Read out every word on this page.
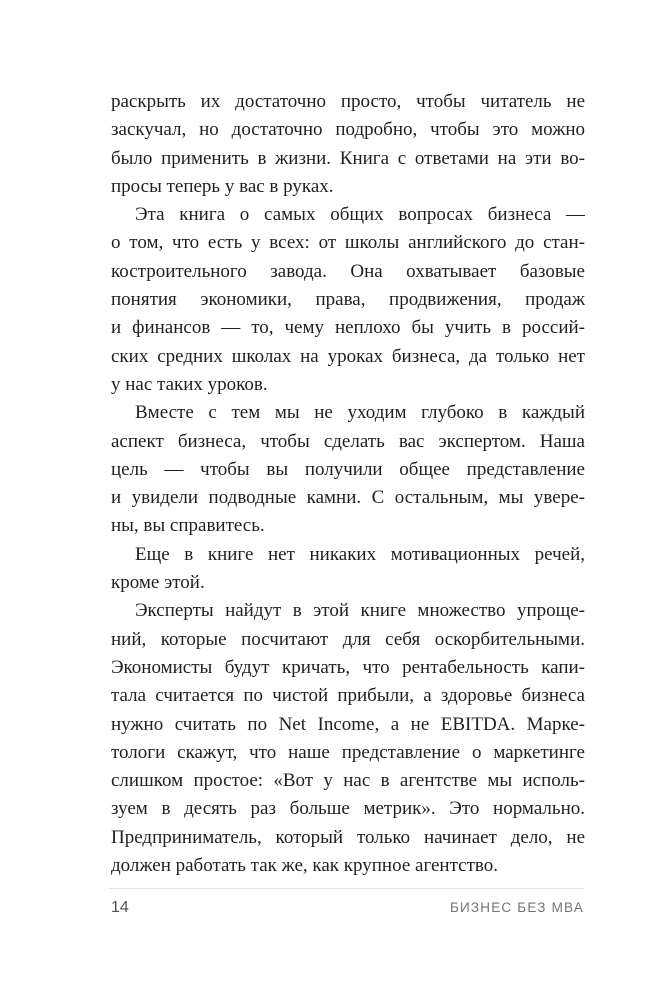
раскрыть их достаточно просто, чтобы читатель не
заскучал, но достаточно подробно, чтобы это можно
было применить в жизни. Книга с ответами на эти во-
просы теперь у вас в руках.
Эта книга о самых общих вопросах бизнеса —
о том, что есть у всех: от школы английского до стан-
костроительного завода. Она охватывает базовые
понятия экономики, права, продвижения, продаж
и финансов — то, чему неплохо бы учить в россий-
ских средних школах на уроках бизнеса, да только нет
у нас таких уроков.
Вместе с тем мы не уходим глубоко в каждый
аспект бизнеса, чтобы сделать вас экспертом. Наша
цель — чтобы вы получили общее представление
и увидели подводные камни. С остальным, мы увере-
ны, вы справитесь.
Еще в книге нет никаких мотивационных речей,
кроме этой.
Эксперты найдут в этой книге множество упроще-
ний, которые посчитают для себя оскорбительными.
Экономисты будут кричать, что рентабельность капи-
тала считается по чистой прибыли, а здоровье бизнеса
нужно считать по Net Income, а не EBITDA. Марке-
тологи скажут, что наше представление о маркетинге
слишком простое: «Вот у нас в агентстве мы исполь-
зуем в десять раз больше метрик». Это нормально.
Предприниматель, который только начинает дело, не
должен работать так же, как крупное агентство.
14	БИЗНЕС БЕЗ МВА
